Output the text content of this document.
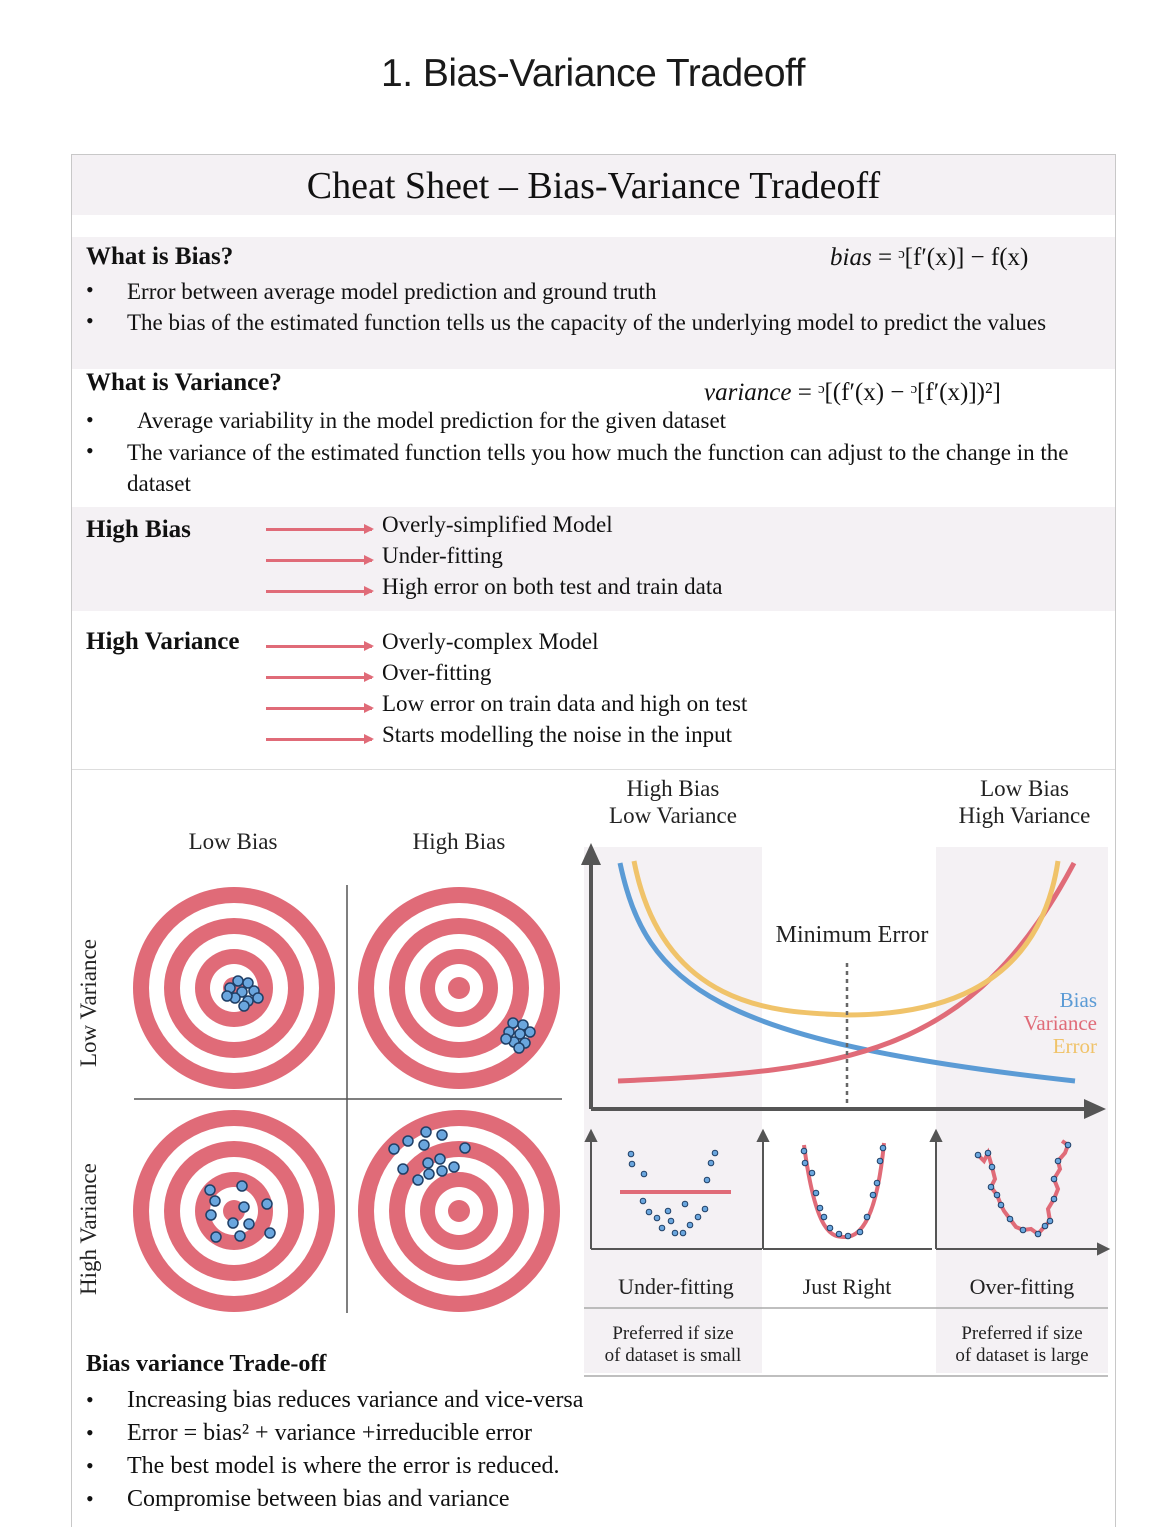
1. Bias-Variance Tradeoff
Cheat Sheet – Bias-Variance Tradeoff
What is Bias?	bias = ᵓ[f′(x)] − f(x)
• Error between average model prediction and ground truth
• The bias of the estimated function tells us the capacity of the underlying model to predict the values
What is Variance?	variance = ᵓ[(f′(x) − ᵓ[f′(x)])²]
• Average variability in the model prediction for the given dataset
• The variance of the estimated function tells you how much the function can adjust to the change in the dataset
High Bias	Overly-simplified Model
Under-fitting
High error on both test and train data
High Variance	Overly-complex Model
Over-fitting
Low error on train data and high on test
Starts modelling the noise in the input
Low Bias	High Bias
Low Variance
High Variance
High Bias
Low Variance
Low Bias
High Variance
Minimum Error
Bias
Variance
Error
Under-fitting	Just Right	Over-fitting
Preferred if size
of dataset is small
Preferred if size
of dataset is large
Bias variance Trade-off
• Increasing bias reduces variance and vice-versa
• Error = bias² + variance +irreducible error
• The best model is where the error is reduced.
• Compromise between bias and variance
